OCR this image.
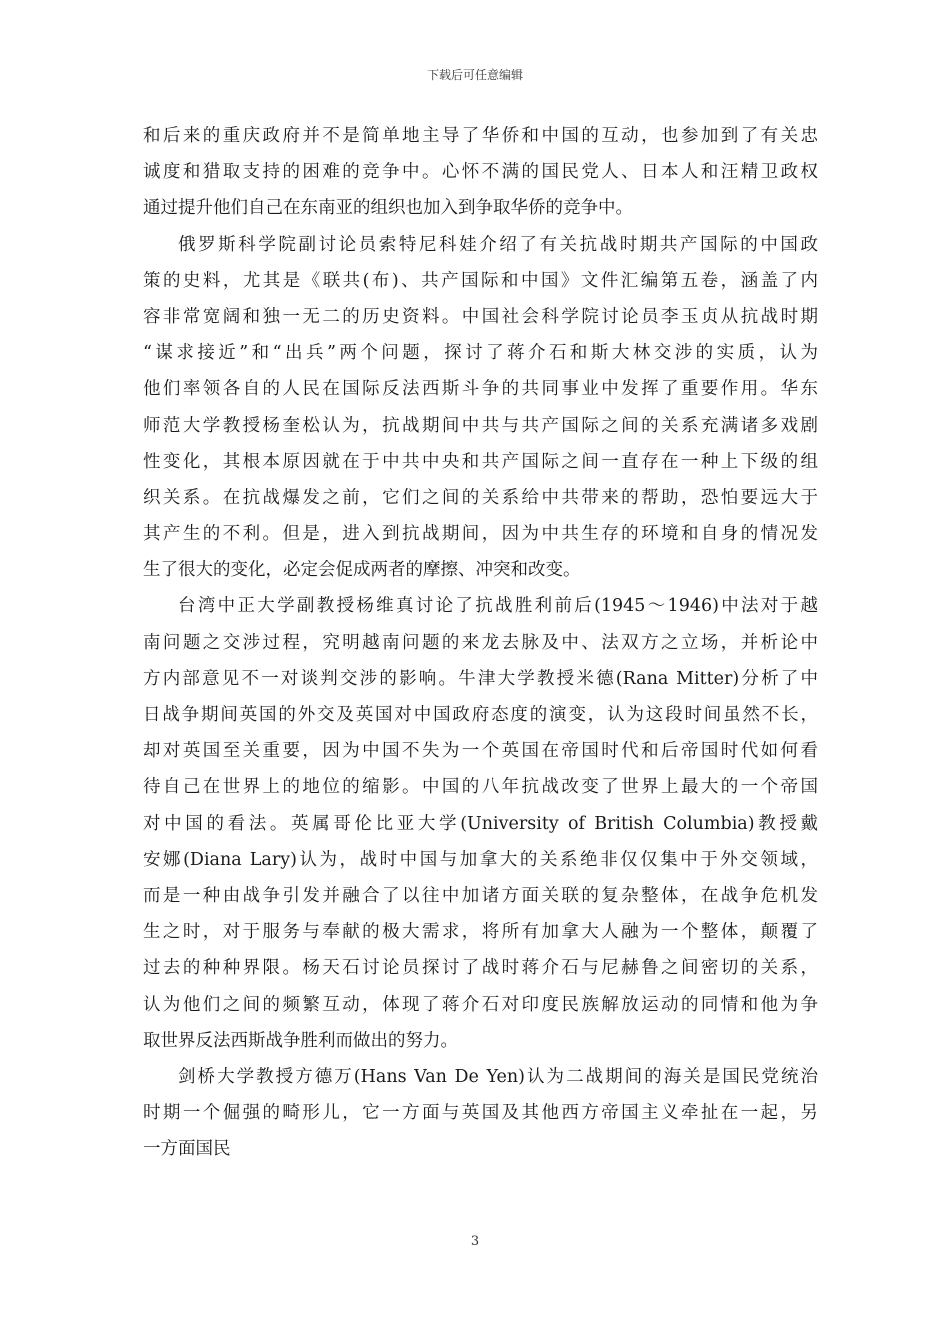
下载后可任意编辑
和后来的重庆政府并不是简单地主导了华侨和中国的互动，也参加到了有关忠
诚度和猎取支持的困难的竞争中。心怀不满的国民党人、日本人和汪精卫政权
通过提升他们自己在东南亚的组织也加入到争取华侨的竞争中。
俄罗斯科学院副讨论员索特尼科娃介绍了有关抗战时期共产国际的中国政
策的史料，尤其是《联共(布)、共产国际和中国》文件汇编第五卷，涵盖了内
容非常宽阔和独一无二的历史资料。中国社会科学院讨论员李玉贞从抗战时期
“谋求接近”和“出兵”两个问题，探讨了蒋介石和斯大林交涉的实质，认为
他们率领各自的人民在国际反法西斯斗争的共同事业中发挥了重要作用。华东
师范大学教授杨奎松认为，抗战期间中共与共产国际之间的关系充满诸多戏剧
性变化，其根本原因就在于中共中央和共产国际之间一直存在一种上下级的组
织关系。在抗战爆发之前，它们之间的关系给中共带来的帮助，恐怕要远大于
其产生的不利。但是，进入到抗战期间，因为中共生存的环境和自身的情况发
生了很大的变化，必定会促成两者的摩擦、冲突和改变。
台湾中正大学副教授杨维真讨论了抗战胜利前后(1945～1946)中法对于越
南问题之交涉过程，究明越南问题的来龙去脉及中、法双方之立场，并析论中
方内部意见不一对谈判交涉的影响。牛津大学教授米德(Rana Mitter)分析了中
日战争期间英国的外交及英国对中国政府态度的演变，认为这段时间虽然不长，
却对英国至关重要，因为中国不失为一个英国在帝国时代和后帝国时代如何看
待自己在世界上的地位的缩影。中国的八年抗战改变了世界上最大的一个帝国
对中国的看法。英属哥伦比亚大学(University of British Columbia)教授戴
安娜(Diana Lary)认为，战时中国与加拿大的关系绝非仅仅集中于外交领域，
而是一种由战争引发并融合了以往中加诸方面关联的复杂整体，在战争危机发
生之时，对于服务与奉献的极大需求，将所有加拿大人融为一个整体，颠覆了
过去的种种界限。杨天石讨论员探讨了战时蒋介石与尼赫鲁之间密切的关系，
认为他们之间的频繁互动，体现了蒋介石对印度民族解放运动的同情和他为争
取世界反法西斯战争胜利而做出的努力。
剑桥大学教授方德万(Hans Van De Yen)认为二战期间的海关是国民党统治
时期一个倔强的畸形儿，它一方面与英国及其他西方帝国主义牵扯在一起，另
一方面国民
3
